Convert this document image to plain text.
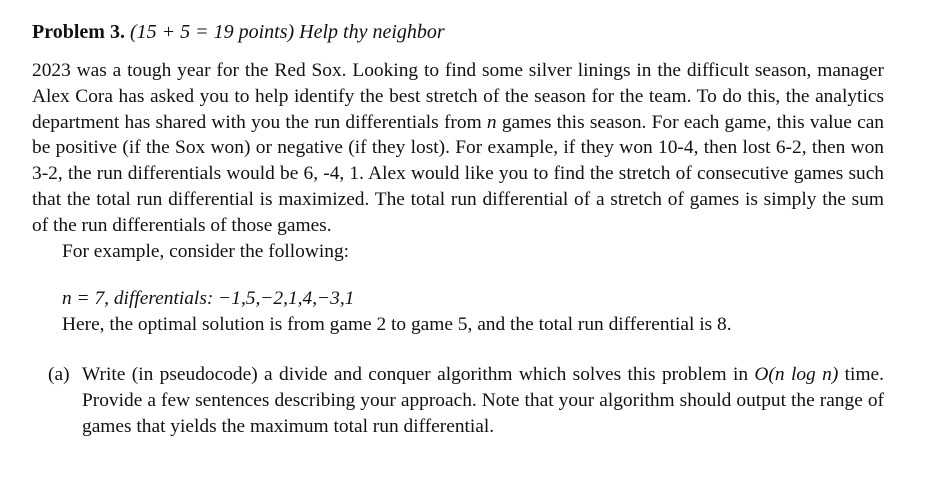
Problem 3. (15 + 5 = 19 points) Help thy neighbor

2023 was a tough year for the Red Sox. Looking to find some silver linings in the difficult season, manager Alex Cora has asked you to help identify the best stretch of the season for the team. To do this, the analytics department has shared with you the run differentials from n games this season. For each game, this value can be positive (if the Sox won) or negative (if they lost). For example, if they won 10-4, then lost 6-2, then won 3-2, the run differentials would be 6, -4, 1. Alex would like you to find the stretch of consecutive games such that the total run differential is maximized. The total run differential of a stretch of games is simply the sum of the run differentials of those games.

For example, consider the following:

n = 7, differentials: −1,5,−2,1,4,−3,1
Here, the optimal solution is from game 2 to game 5, and the total run differential is 8.
(a) Write (in pseudocode) a divide and conquer algorithm which solves this problem in O(n log n) time. Provide a few sentences describing your approach. Note that your algorithm should output the range of games that yields the maximum total run differential.
